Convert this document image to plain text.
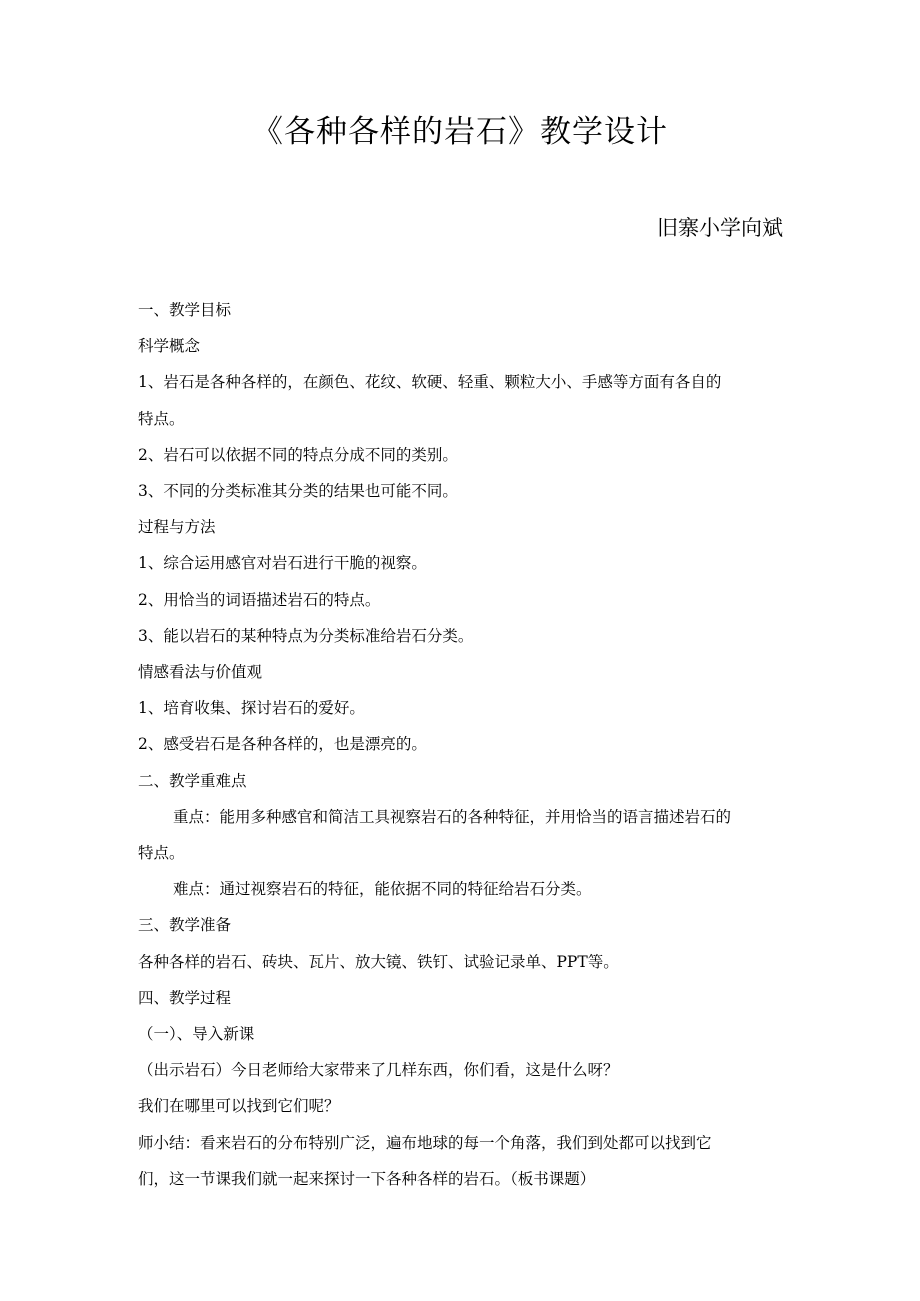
《各种各样的岩石》教学设计

旧寨小学向斌

一、教学目标

科学概念

1、岩石是各种各样的，在颜色、花纹、软硬、轻重、颗粒大小、手感等方面有各自的

特点。

2、岩石可以依据不同的特点分成不同的类别。

3、不同的分类标准其分类的结果也可能不同。

过程与方法

1、综合运用感官对岩石进行干脆的视察。

2、用恰当的词语描述岩石的特点。

3、能以岩石的某种特点为分类标准给岩石分类。

情感看法与价值观

1、培育收集、探讨岩石的爱好。

2、感受岩石是各种各样的，也是漂亮的。

二、教学重难点

重点：能用多种感官和简洁工具视察岩石的各种特征，并用恰当的语言描述岩石的

特点。

难点：通过视察岩石的特征，能依据不同的特征给岩石分类。

三、教学准备

各种各样的岩石、砖块、瓦片、放大镜、铁钉、试验记录单、PPT等。

四、教学过程

（一）、导入新课

（出示岩石）今日老师给大家带来了几样东西，你们看，这是什么呀？

我们在哪里可以找到它们呢？

师小结：看来岩石的分布特别广泛，遍布地球的每一个角落，我们到处都可以找到它

们，这一节课我们就一起来探讨一下各种各样的岩石。（板书课题）
